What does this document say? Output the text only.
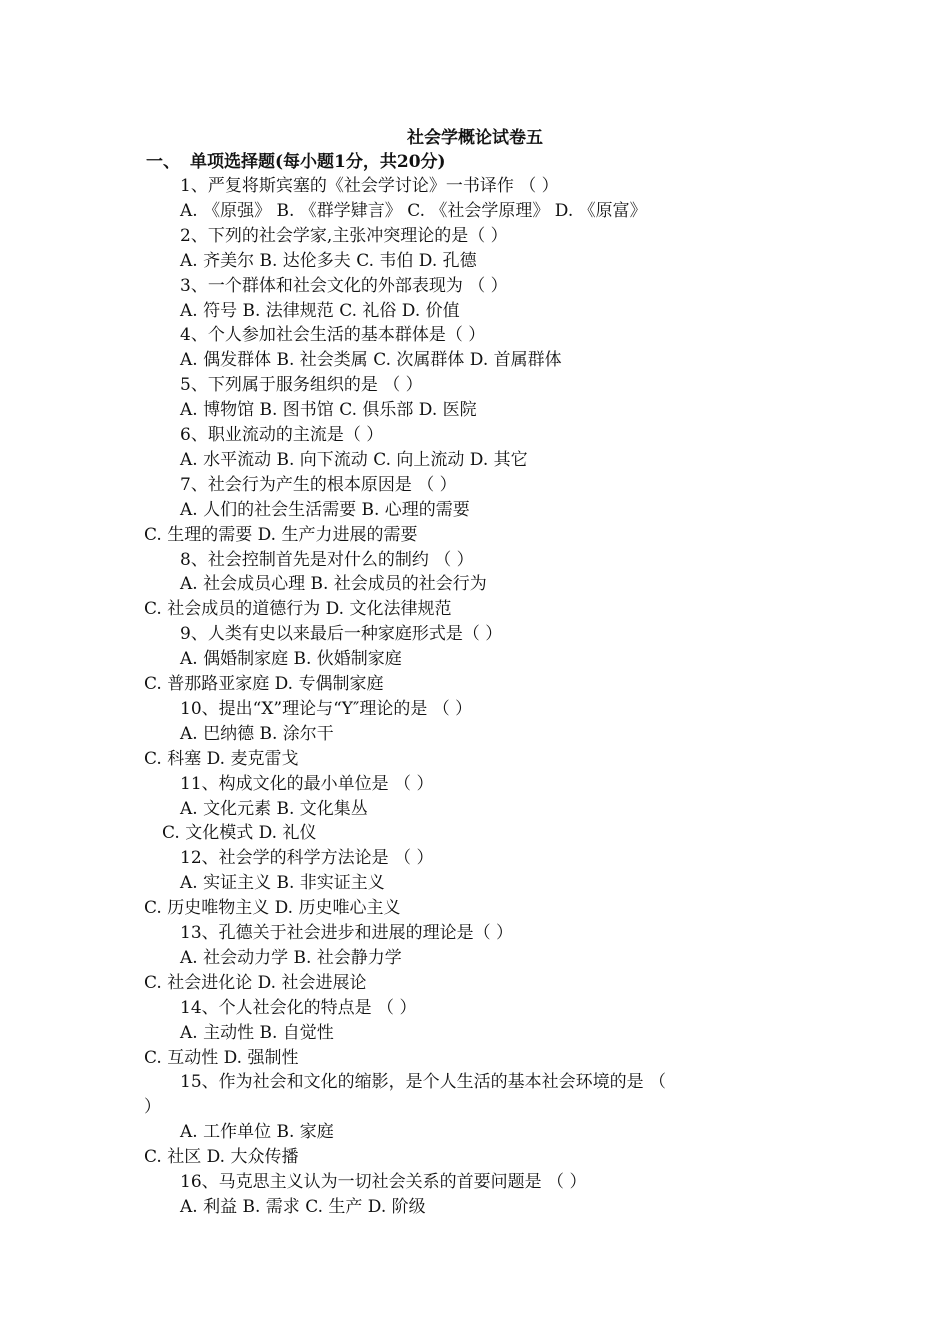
社会学概论试卷五
一、 单项选择题(每小题1分，共20分)
1、严复将斯宾塞的《社会学讨论》一书译作 （ ）
A. 《原强》 B. 《群学肄言》 C. 《社会学原理》 D. 《原富》
2、下列的社会学家,主张冲突理论的是（ ）
A. 齐美尔 B. 达伦多夫 C. 韦伯 D. 孔德
3、一个群体和社会文化的外部表现为 （ ）
A. 符号 B. 法律规范 C. 礼俗 D. 价值
4、个人参加社会生活的基本群体是（ ）
A. 偶发群体 B. 社会类属 C. 次属群体 D. 首属群体
5、下列属于服务组织的是 （ ）
A. 博物馆 B. 图书馆 C. 俱乐部 D. 医院
6、职业流动的主流是（ ）
A. 水平流动 B. 向下流动 C. 向上流动 D. 其它
7、社会行为产生的根本原因是 （ ）
A. 人们的社会生活需要 B. 心理的需要
C. 生理的需要 D. 生产力进展的需要
8、社会控制首先是对什么的制约 （ ）
A. 社会成员心理 B. 社会成员的社会行为
C. 社会成员的道德行为 D. 文化法律规范
9、人类有史以来最后一种家庭形式是（ ）
A. 偶婚制家庭 B. 伙婚制家庭
C. 普那路亚家庭 D. 专偶制家庭
10、提出“X”理论与“Y″理论的是 （ ）
A. 巴纳德 B. 涂尔干
C. 科塞 D. 麦克雷戈
11、构成文化的最小单位是 （ ）
A. 文化元素 B. 文化集丛
C. 文化模式 D. 礼仪
12、社会学的科学方法论是 （ ）
A. 实证主义 B. 非实证主义
C. 历史唯物主义 D. 历史唯心主义
13、孔德关于社会进步和进展的理论是（ ）
A. 社会动力学 B. 社会静力学
C. 社会进化论 D. 社会进展论
14、个人社会化的特点是 （ ）
A. 主动性 B. 自觉性
C. 互动性 D. 强制性
15、作为社会和文化的缩影，是个人生活的基本社会环境的是 （
）
A. 工作单位 B. 家庭
C. 社区 D. 大众传播
16、马克思主义认为一切社会关系的首要问题是 （ ）
A. 利益 B. 需求 C. 生产 D. 阶级
